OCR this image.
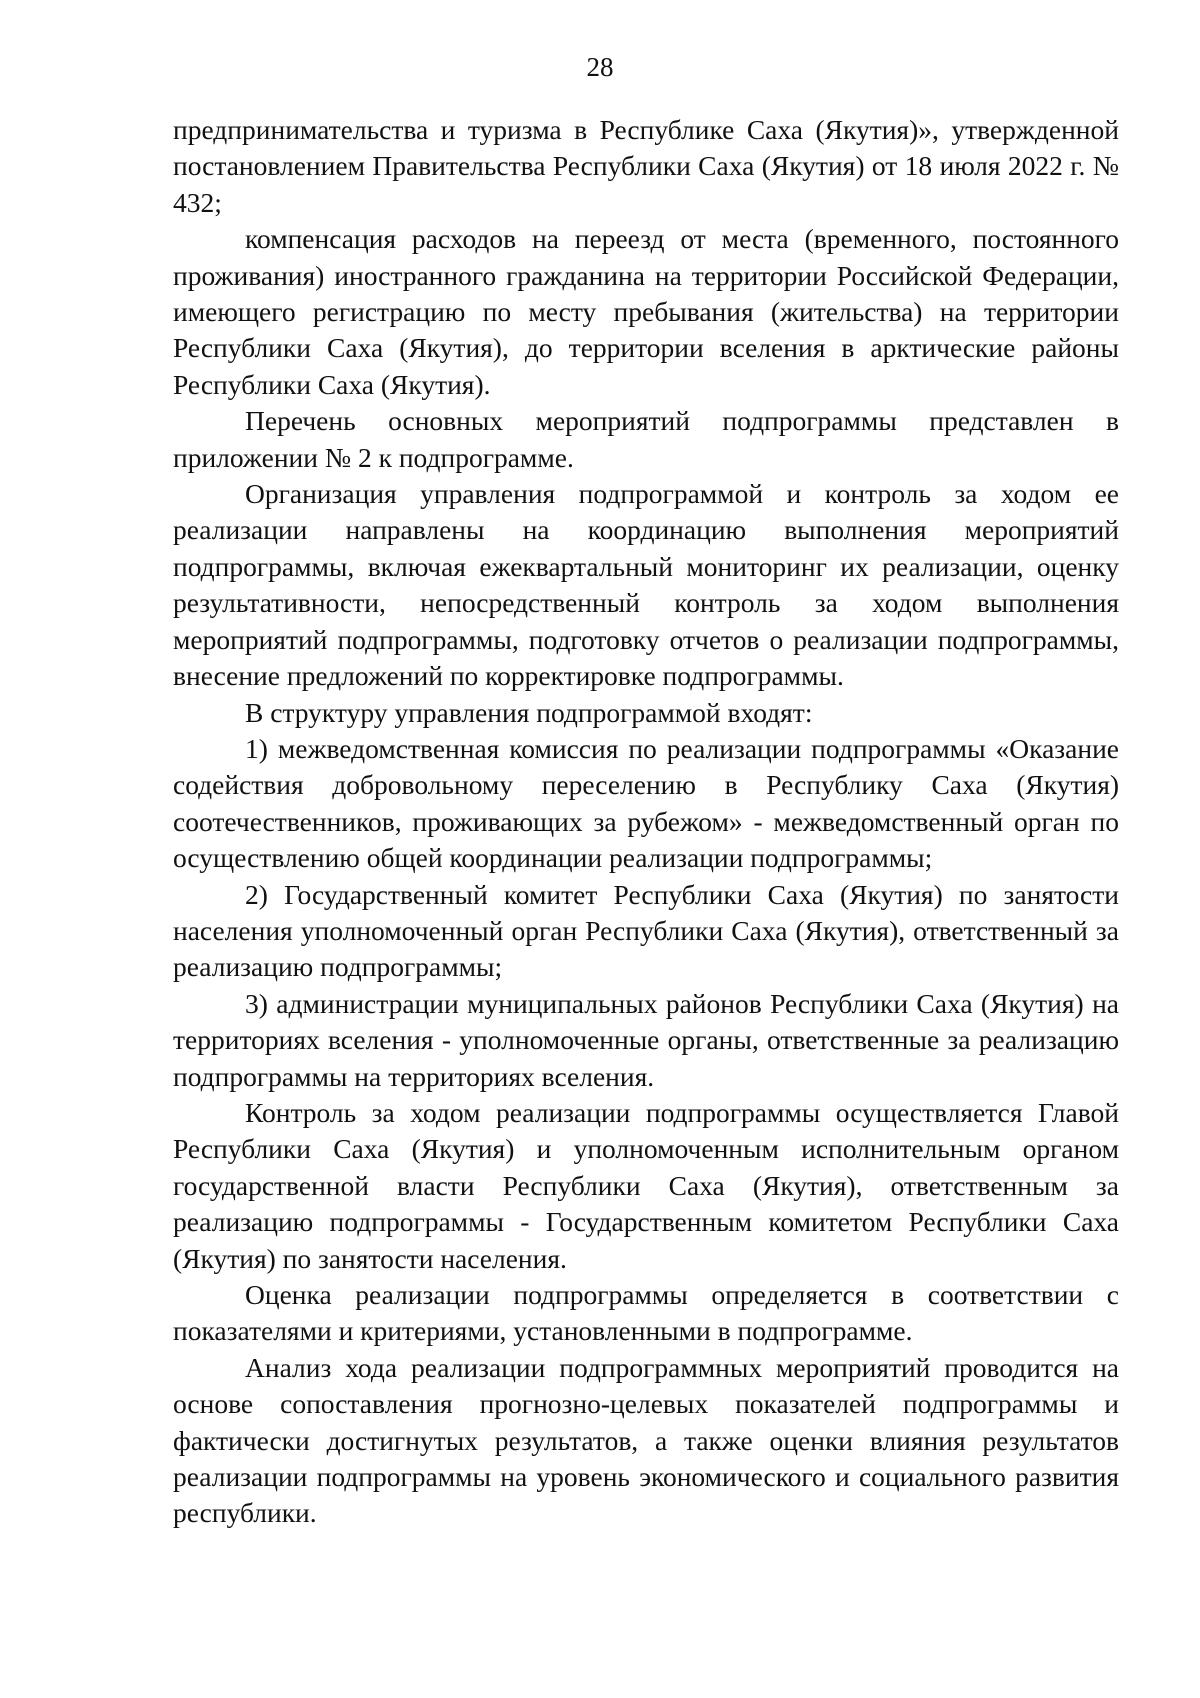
28

предпринимательства и туризма в Республике Саха (Якутия)», утвержденной постановлением Правительства Республики Саха (Якутия) от 18 июля 2022 г. № 432;

компенсация расходов на переезд от места (временного, постоянного проживания) иностранного гражданина на территории Российской Федерации, имеющего регистрацию по месту пребывания (жительства) на территории Республики Саха (Якутия), до территории вселения в арктические районы Республики Саха (Якутия).

Перечень основных мероприятий подпрограммы представлен в приложении № 2 к подпрограмме.

Организация управления подпрограммой и контроль за ходом ее реализации направлены на координацию выполнения мероприятий подпрограммы, включая ежеквартальный мониторинг их реализации, оценку результативности, непосредственный контроль за ходом выполнения мероприятий подпрограммы, подготовку отчетов о реализации подпрограммы, внесение предложений по корректировке подпрограммы.

В структуру управления подпрограммой входят:

1) межведомственная комиссия по реализации подпрограммы «Оказание содействия добровольному переселению в Республику Саха (Якутия) соотечественников, проживающих за рубежом» - межведомственный орган по осуществлению общей координации реализации подпрограммы;

2) Государственный комитет Республики Саха (Якутия) по занятости населения уполномоченный орган Республики Саха (Якутия), ответственный за реализацию подпрограммы;

3) администрации муниципальных районов Республики Саха (Якутия) на территориях вселения - уполномоченные органы, ответственные за реализацию подпрограммы на территориях вселения.

Контроль за ходом реализации подпрограммы осуществляется Главой Республики Саха (Якутия) и уполномоченным исполнительным органом государственной власти Республики Саха (Якутия), ответственным за реализацию подпрограммы - Государственным комитетом Республики Саха (Якутия) по занятости населения.

Оценка реализации подпрограммы определяется в соответствии с показателями и критериями, установленными в подпрограмме.

Анализ хода реализации подпрограммных мероприятий проводится на основе сопоставления прогнозно-целевых показателей подпрограммы и фактически достигнутых результатов, а также оценки влияния результатов реализации подпрограммы на уровень экономического и социального развития республики.
